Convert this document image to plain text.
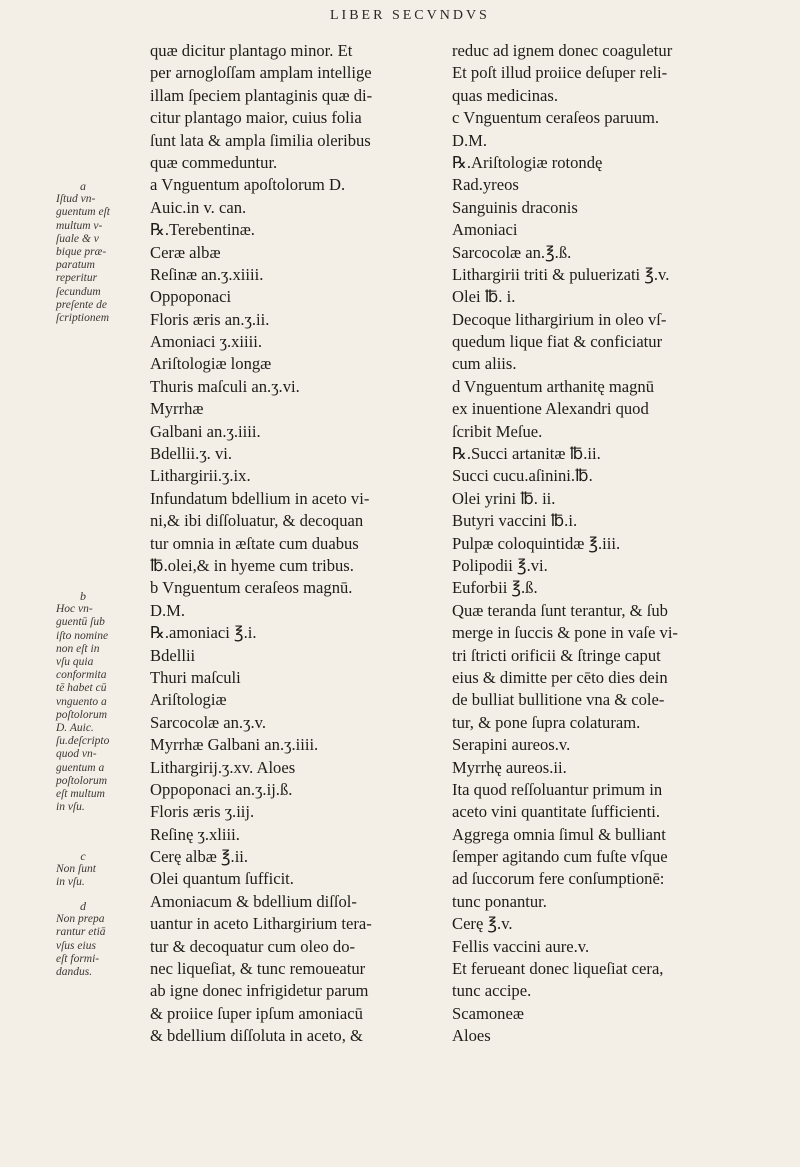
LIBER SECVNDVS
a
Iſtud vn-
guentum eſt
multum v-
ſuale & v
bique præ-
paratum
reperitur
ſecundum
preſente de
ſcriptionem
b
Hoc vn-
guentū ſub
iſto nomine
non eſt in
vſu quia
conformita
tē habet cū
vnguento a
poſtolorum
D. Auic.
ſu.deſcripto
quod vn-
guentum a
poſtolorum
eſt multum
in vſu.
c
Non ſunt
in vſu.
d
Non prepa
rantur etiā
vſus eius
eſt formi-
dandus.
quæ dicitur plantago minor. Et
per arnogloſſam amplam intellige
illam ſpeciem plantaginis quæ di-
citur plantago maior, cuius folia
ſunt lata & ampla ſimilia oleribus
quæ commeduntur.
a Vnguentum apoſtolorum D.
Auic.in v. can.
℞.Terebentinæ.
Ceræ albæ
Reſinæ an.ʒ.xiiii.
Oppoponaci
Floris æris an.ʒ.ii.
Amoniaci ʒ.xiiii.
Ariſtologiæ longæ
Thuris maſculi an.ʒ.vi.
Myrrhæ
Galbani an.ʒ.iiii.
Bdellii.ʒ. vi.
Lithargirii.ʒ.ix.
Infundatum bdellium in aceto vi-
ni,& ibi diſſoluatur, & decoquan
tur omnia in æſtate cum duabus
℔.olei,& in hyeme cum tribus.
b Vnguentum ceraſeos magnū.
D.M.
℞.amoniaci ℥.i.
Bdellii
Thuri maſculi
Ariſtologiæ
Sarcocolæ an.ʒ.v.
Myrrhæ Galbani an.ʒ.iiii.
Lithargirij.ʒ.xv. Aloes
Oppoponaci an.ʒ.ij.ß.
Floris æris ʒ.iij.
Reſinę ʒ.xliii.
Cerę albæ ℥.ii.
Olei quantum ſufficit.
Amoniacum & bdellium diſſol-
uantur in aceto Lithargirium tera-
tur & decoquatur cum oleo do-
nec liqueſiat, & tunc remoueatur
ab igne donec infrigidetur parum
& proiice ſuper ipſum amoniacū
& bdellium diſſoluta in aceto, &
reduc ad ignem donec coaguletur
Et poſt illud proiice deſuper reli-
quas medicinas.
c Vnguentum ceraſeos paruum.
D.M.
℞.Ariſtologiæ rotondę
Rad.yreos
Sanguinis draconis
Amoniaci
Sarcocolæ an.℥.ß.
Lithargirii triti & puluerizati ℥.v.
Olei ℔. i.
Decoque lithargirium in oleo vſ-
quedum lique fiat & conficiatur
cum aliis.
d Vnguentum arthanitę magnū
ex inuentione Alexandri quod
ſcribit Meſue.
℞.Succi artanitæ ℔.ii.
Succi cucu.aſinini.℔.
Olei yrini ℔. ii.
Butyri vaccini ℔.i.
Pulpæ coloquintidæ ℥.iii.
Polipodii ℥.vi.
Euforbii ℥.ß.
Quæ teranda ſunt terantur, & ſub
merge in ſuccis & pone in vaſe vi-
tri ſtricti orificii & ſtringe caput
eius & dimitte per cēto dies dein
de bulliat bullitione vna & cole-
tur, & pone ſupra colaturam.
Serapini aureos.v.
Myrrhę aureos.ii.
Ita quod reſſoluantur primum in
aceto vini quantitate ſufficienti.
Aggrega omnia ſimul & bulliant
ſemper agitando cum fuſte vſque
ad ſuccorum fere conſumptionē:
tunc ponantur.
Cerę ℥.v.
Fellis vaccini aure.v.
Et ferueant donec liqueſiat cera,
tunc accipe.
Scamoneæ
Aloes
